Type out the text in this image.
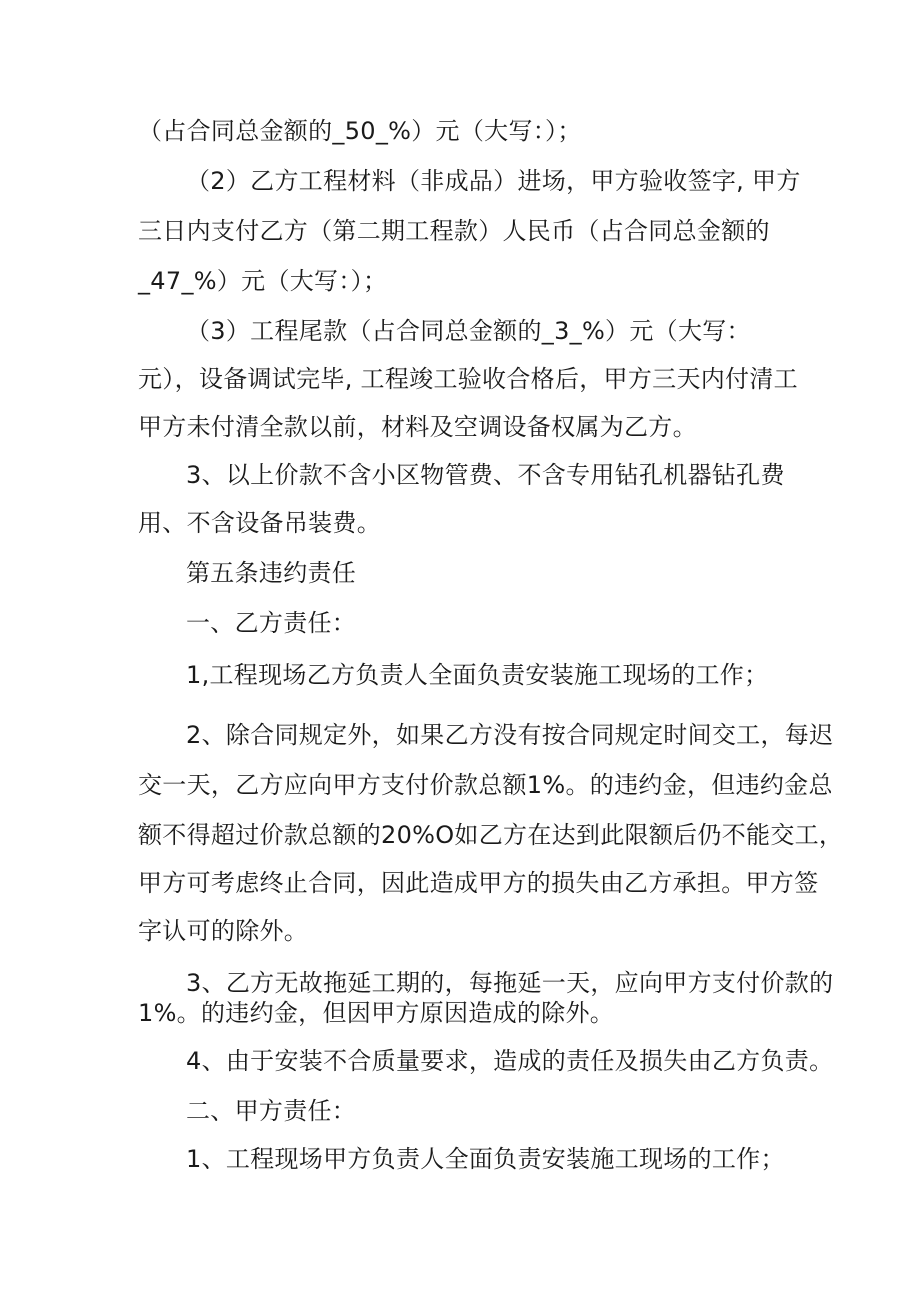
（占合同总金额的_50_%）元（大写：）；
（2）乙方工程材料（非成品）进场，甲方验收签字, 甲方
三日内支付乙方（第二期工程款）人民币（占合同总金额的
_47_%）元（大写：）；
（3）工程尾款（占合同总金额的_3_%）元（大写：
元），设备调试完毕, 工程竣工验收合格后，甲方三天内付清工
甲方未付清全款以前，材料及空调设备权属为乙方。
3、以上价款不含小区物管费、不含专用钻孔机器钻孔费
用、不含设备吊装费。
第五条违约责任
一、乙方责任：
1,工程现场乙方负责人全面负责安装施工现场的工作；
2、除合同规定外，如果乙方没有按合同规定时间交工，每迟
交一天，乙方应向甲方支付价款总额1%。的违约金，但违约金总
额不得超过价款总额的20%O如乙方在达到此限额后仍不能交工，
甲方可考虑终止合同，因此造成甲方的损失由乙方承担。甲方签
字认可的除外。
3、乙方无故拖延工期的，每拖延一天，应向甲方支付价款的
1%。的违约金，但因甲方原因造成的除外。
4、由于安装不合质量要求，造成的责任及损失由乙方负责。
二、甲方责任：
1、工程现场甲方负责人全面负责安装施工现场的工作；
